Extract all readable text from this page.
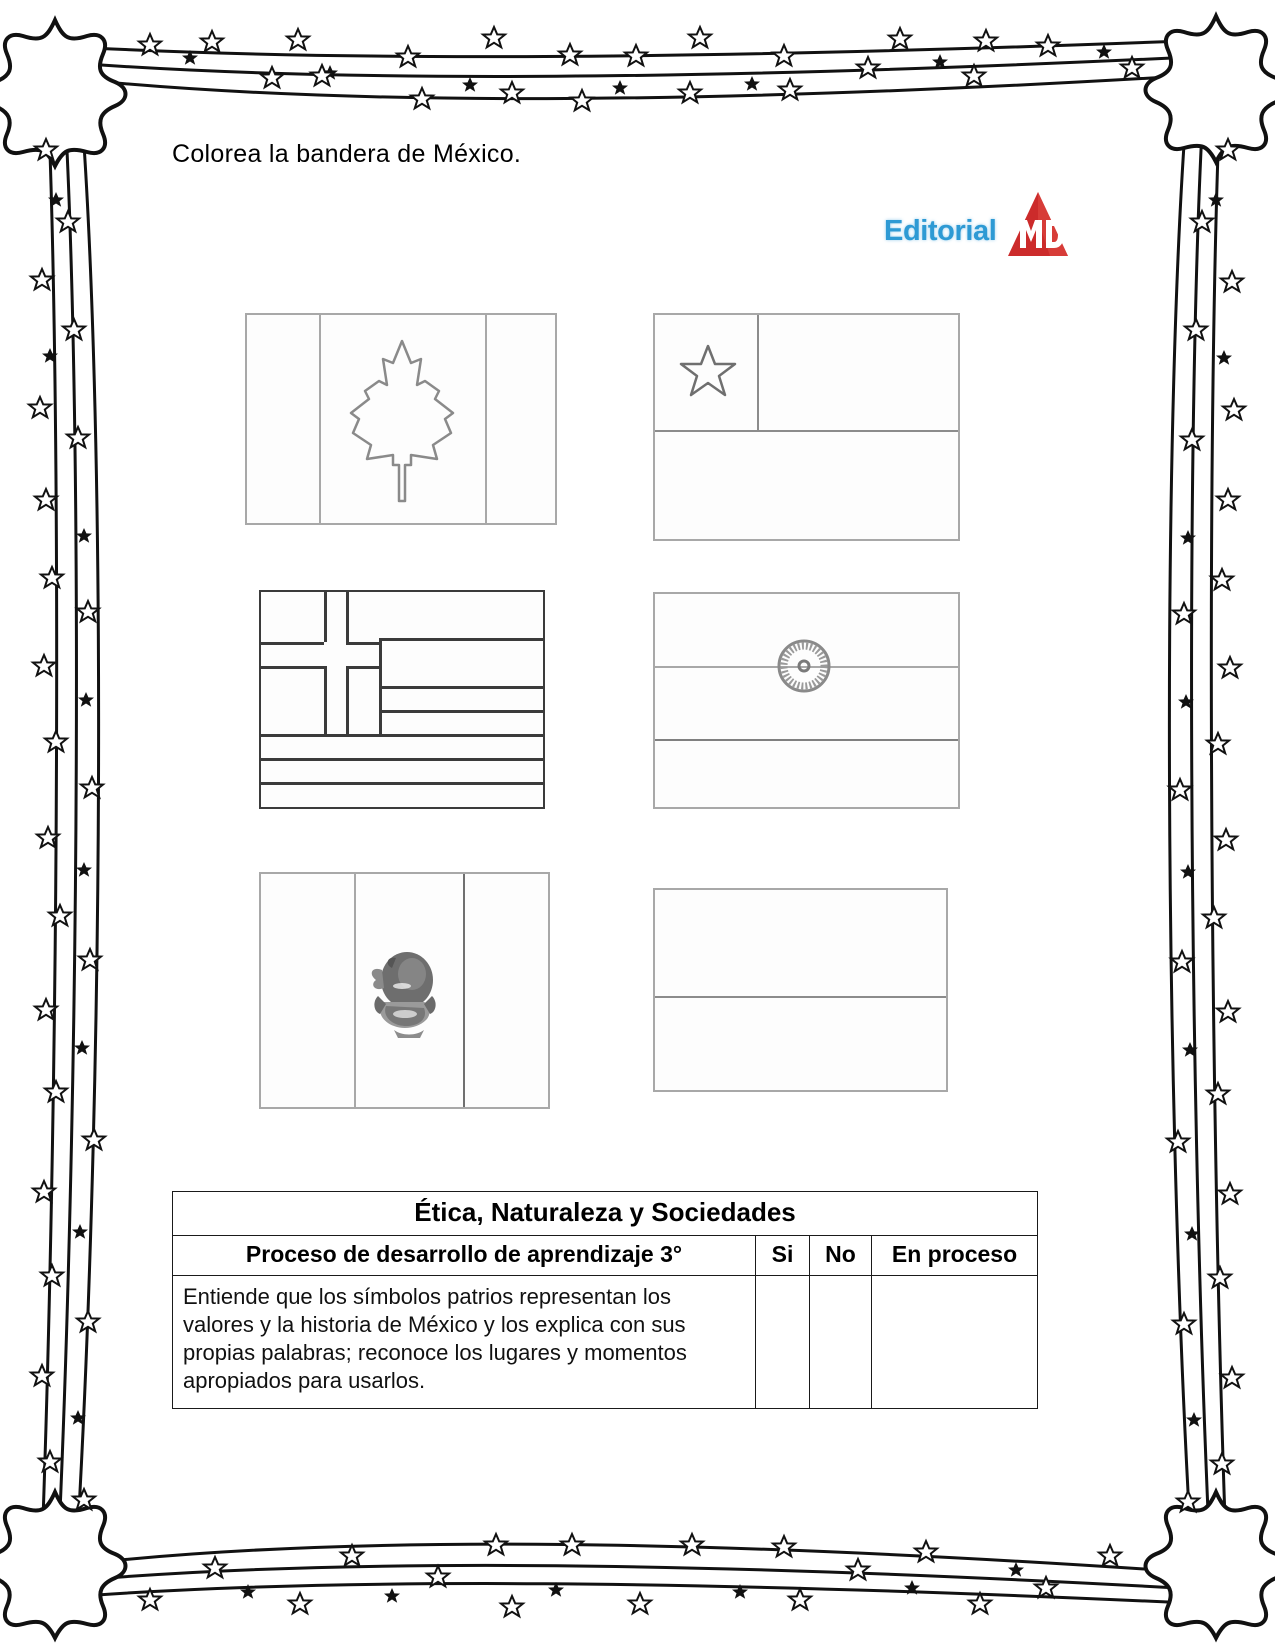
Colorea la bandera de México.
Editorial
Ética, Naturaleza y Sociedades			
Proceso de desarrollo de aprendizaje 3°	Si	No	En proceso
Entiende que los símbolos patrios representan los valores y la historia de México y los explica con sus propias palabras; reconoce los lugares y momentos apropiados para usarlos.			
